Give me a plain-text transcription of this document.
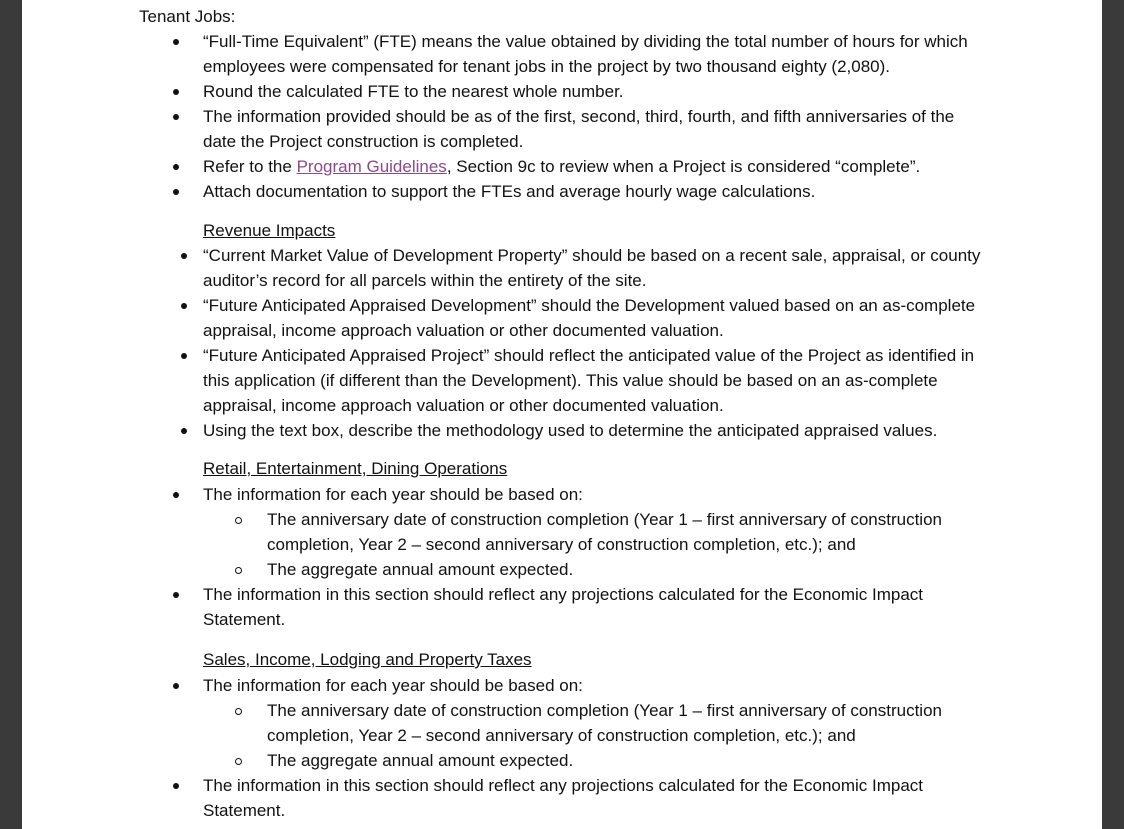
Tenant Jobs:
“Full-Time Equivalent” (FTE) means the value obtained by dividing the total number of hours for which employees were compensated for tenant jobs in the project by two thousand eighty (2,080).
Round the calculated FTE to the nearest whole number.
The information provided should be as of the first, second, third, fourth, and fifth anniversaries of the date the Project construction is completed.
Refer to the Program Guidelines, Section 9c to review when a Project is considered “complete”.
Attach documentation to support the FTEs and average hourly wage calculations.
Revenue Impacts
“Current Market Value of Development Property” should be based on a recent sale, appraisal, or county auditor’s record for all parcels within the entirety of the site.
“Future Anticipated Appraised Development” should the Development valued based on an as-complete appraisal, income approach valuation or other documented valuation.
“Future Anticipated Appraised Project” should reflect the anticipated value of the Project as identified in this application (if different than the Development). This value should be based on an as-complete appraisal, income approach valuation or other documented valuation.
Using the text box, describe the methodology used to determine the anticipated appraised values.
Retail, Entertainment, Dining Operations
The information for each year should be based on:
The anniversary date of construction completion (Year 1 – first anniversary of construction completion, Year 2 – second anniversary of construction completion, etc.); and
The aggregate annual amount expected.
The information in this section should reflect any projections calculated for the Economic Impact Statement.
Sales, Income, Lodging and Property Taxes
The information for each year should be based on:
The anniversary date of construction completion (Year 1 – first anniversary of construction completion, Year 2 – second anniversary of construction completion, etc.); and
The aggregate annual amount expected.
The information in this section should reflect any projections calculated for the Economic Impact Statement.
